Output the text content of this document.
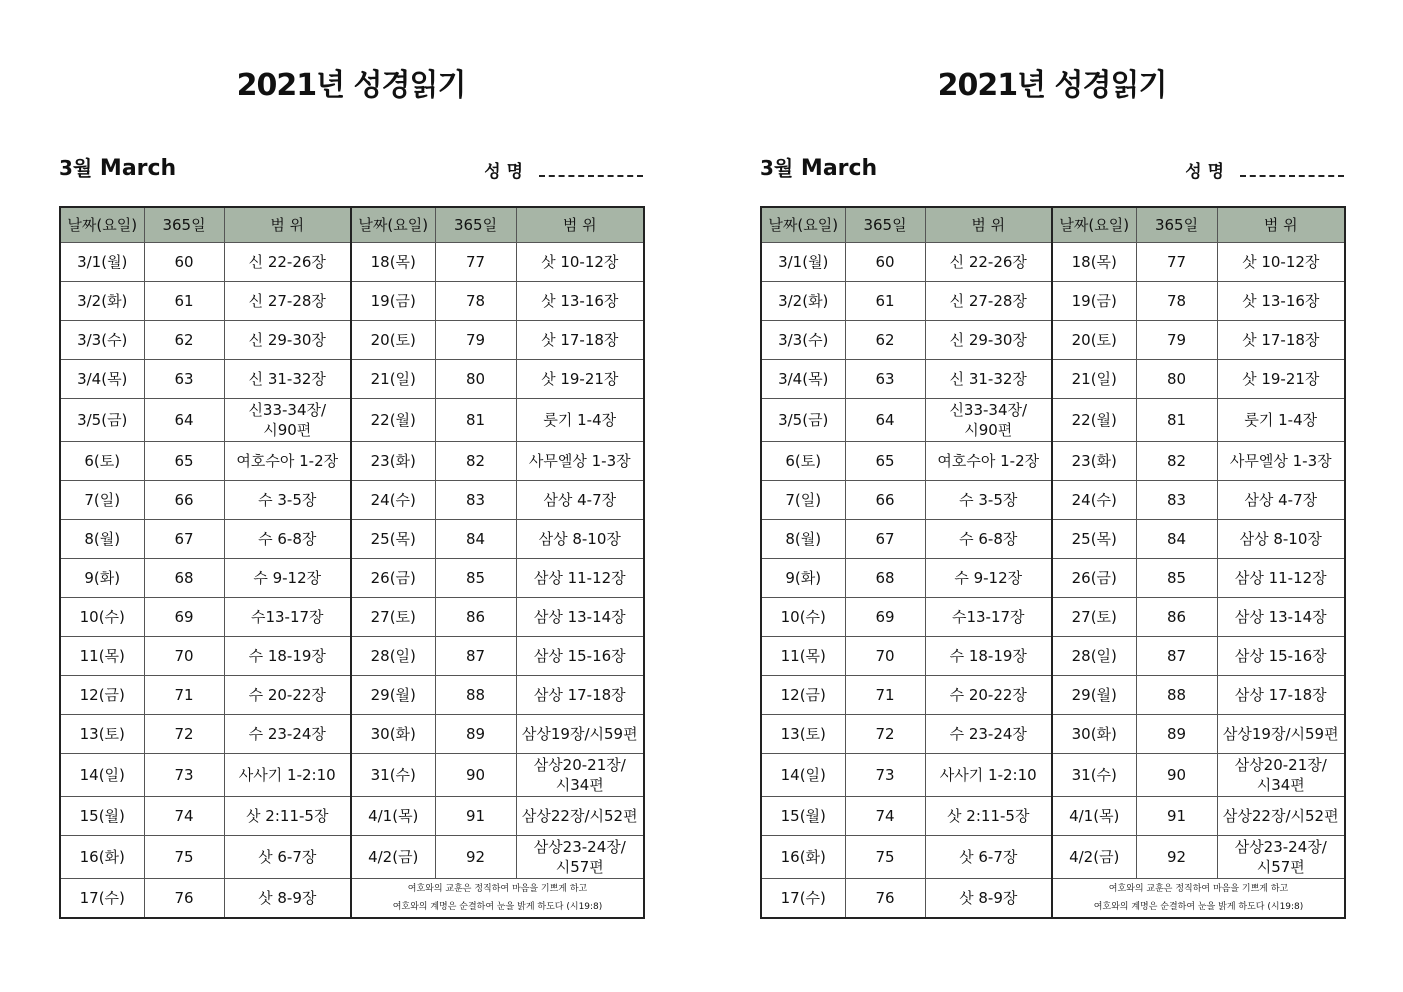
2021년 성경읽기
3월 March	성 명
날짜(요일)	365일	범 위	날짜(요일)	365일	범 위
3/1(월)	60	신 22-26장	18(목)	77	삿 10-12장

3/2(화)	61	신 27-28장	19(금)	78	삿 13-16장

3/3(수)	62	신 29-30장	20(토)	79	삿 17-18장

3/4(목)	63	신 31-32장	21(일)	80	삿 19-21장

3/5(금)	64	신33-34장/
시90편	22(월)	81	룻기 1-4장

6(토)	65	여호수아 1-2장	23(화)	82	사무엘상 1-3장

7(일)	66	수 3-5장	24(수)	83	삼상 4-7장

8(월)	67	수 6-8장	25(목)	84	삼상 8-10장

9(화)	68	수 9-12장	26(금)	85	삼상 11-12장

10(수)	69	수13-17장	27(토)	86	삼상 13-14장

11(목)	70	수 18-19장	28(일)	87	삼상 15-16장

12(금)	71	수 20-22장	29(월)	88	삼상 17-18장

13(토)	72	수 23-24장	30(화)	89	삼상19장/시59편

14(일)	73	사사기 1-2:10	31(수)	90	삼상20-21장/
시34편

15(월)	74	삿 2:11-5장	4/1(목)	91	삼상22장/시52편

16(화)	75	삿 6-7장	4/2(금)	92	삼상23-24장/
시57편

17(수)	76	삿 8-9장	여호와의 교훈은 정직하여 마음을 기쁘게 하고
여호와의 계명은 순결하여 눈을 밝게 하도다 (시19:8)		
2021년 성경읽기
3월 March	성 명
날짜(요일)	365일	범 위	날짜(요일)	365일	범 위
3/1(월)	60	신 22-26장	18(목)	77	삿 10-12장

3/2(화)	61	신 27-28장	19(금)	78	삿 13-16장

3/3(수)	62	신 29-30장	20(토)	79	삿 17-18장

3/4(목)	63	신 31-32장	21(일)	80	삿 19-21장

3/5(금)	64	신33-34장/
시90편	22(월)	81	룻기 1-4장

6(토)	65	여호수아 1-2장	23(화)	82	사무엘상 1-3장

7(일)	66	수 3-5장	24(수)	83	삼상 4-7장

8(월)	67	수 6-8장	25(목)	84	삼상 8-10장

9(화)	68	수 9-12장	26(금)	85	삼상 11-12장

10(수)	69	수13-17장	27(토)	86	삼상 13-14장

11(목)	70	수 18-19장	28(일)	87	삼상 15-16장

12(금)	71	수 20-22장	29(월)	88	삼상 17-18장

13(토)	72	수 23-24장	30(화)	89	삼상19장/시59편

14(일)	73	사사기 1-2:10	31(수)	90	삼상20-21장/
시34편

15(월)	74	삿 2:11-5장	4/1(목)	91	삼상22장/시52편

16(화)	75	삿 6-7장	4/2(금)	92	삼상23-24장/
시57편

17(수)	76	삿 8-9장	여호와의 교훈은 정직하여 마음을 기쁘게 하고
여호와의 계명은 순결하여 눈을 밝게 하도다 (시19:8)		
